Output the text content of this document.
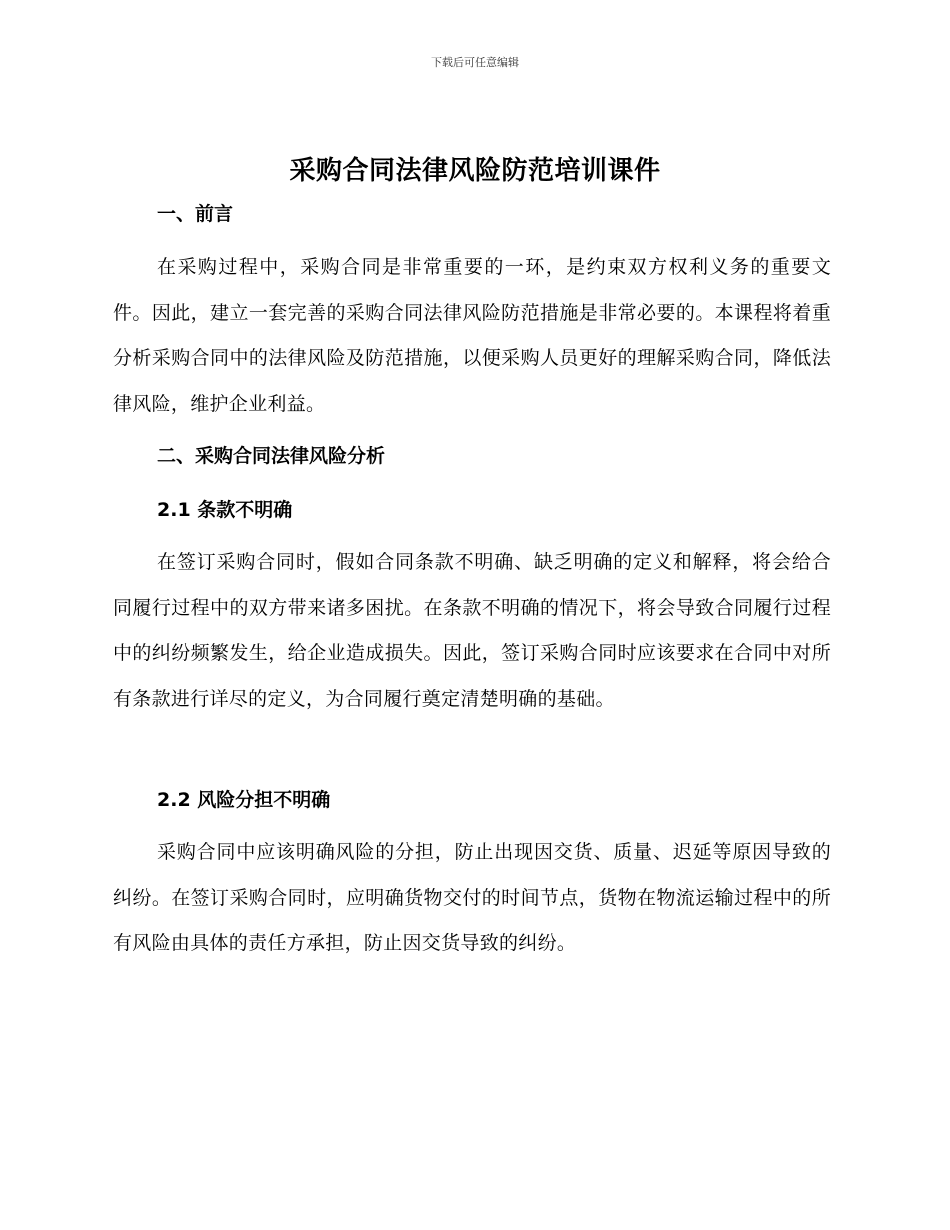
下载后可任意编辑
采购合同法律风险防范培训课件
一、前言

在采购过程中，采购合同是非常重要的一环，是约束双方权利义务的重要文件。因此，建立一套完善的采购合同法律风险防范措施是非常必要的。本课程将着重分析采购合同中的法律风险及防范措施，以便采购人员更好的理解采购合同，降低法律风险，维护企业利益。

二、采购合同法律风险分析
2.1 条款不明确

在签订采购合同时，假如合同条款不明确、缺乏明确的定义和解释，将会给合同履行过程中的双方带来诸多困扰。在条款不明确的情况下，将会导致合同履行过程中的纠纷频繁发生，给企业造成损失。因此，签订采购合同时应该要求在合同中对所有条款进行详尽的定义，为合同履行奠定清楚明确的基础。

2.2 风险分担不明确

采购合同中应该明确风险的分担，防止出现因交货、质量、迟延等原因导致的纠纷。在签订采购合同时，应明确货物交付的时间节点，货物在物流运输过程中的所有风险由具体的责任方承担，防止因交货导致的纠纷。
